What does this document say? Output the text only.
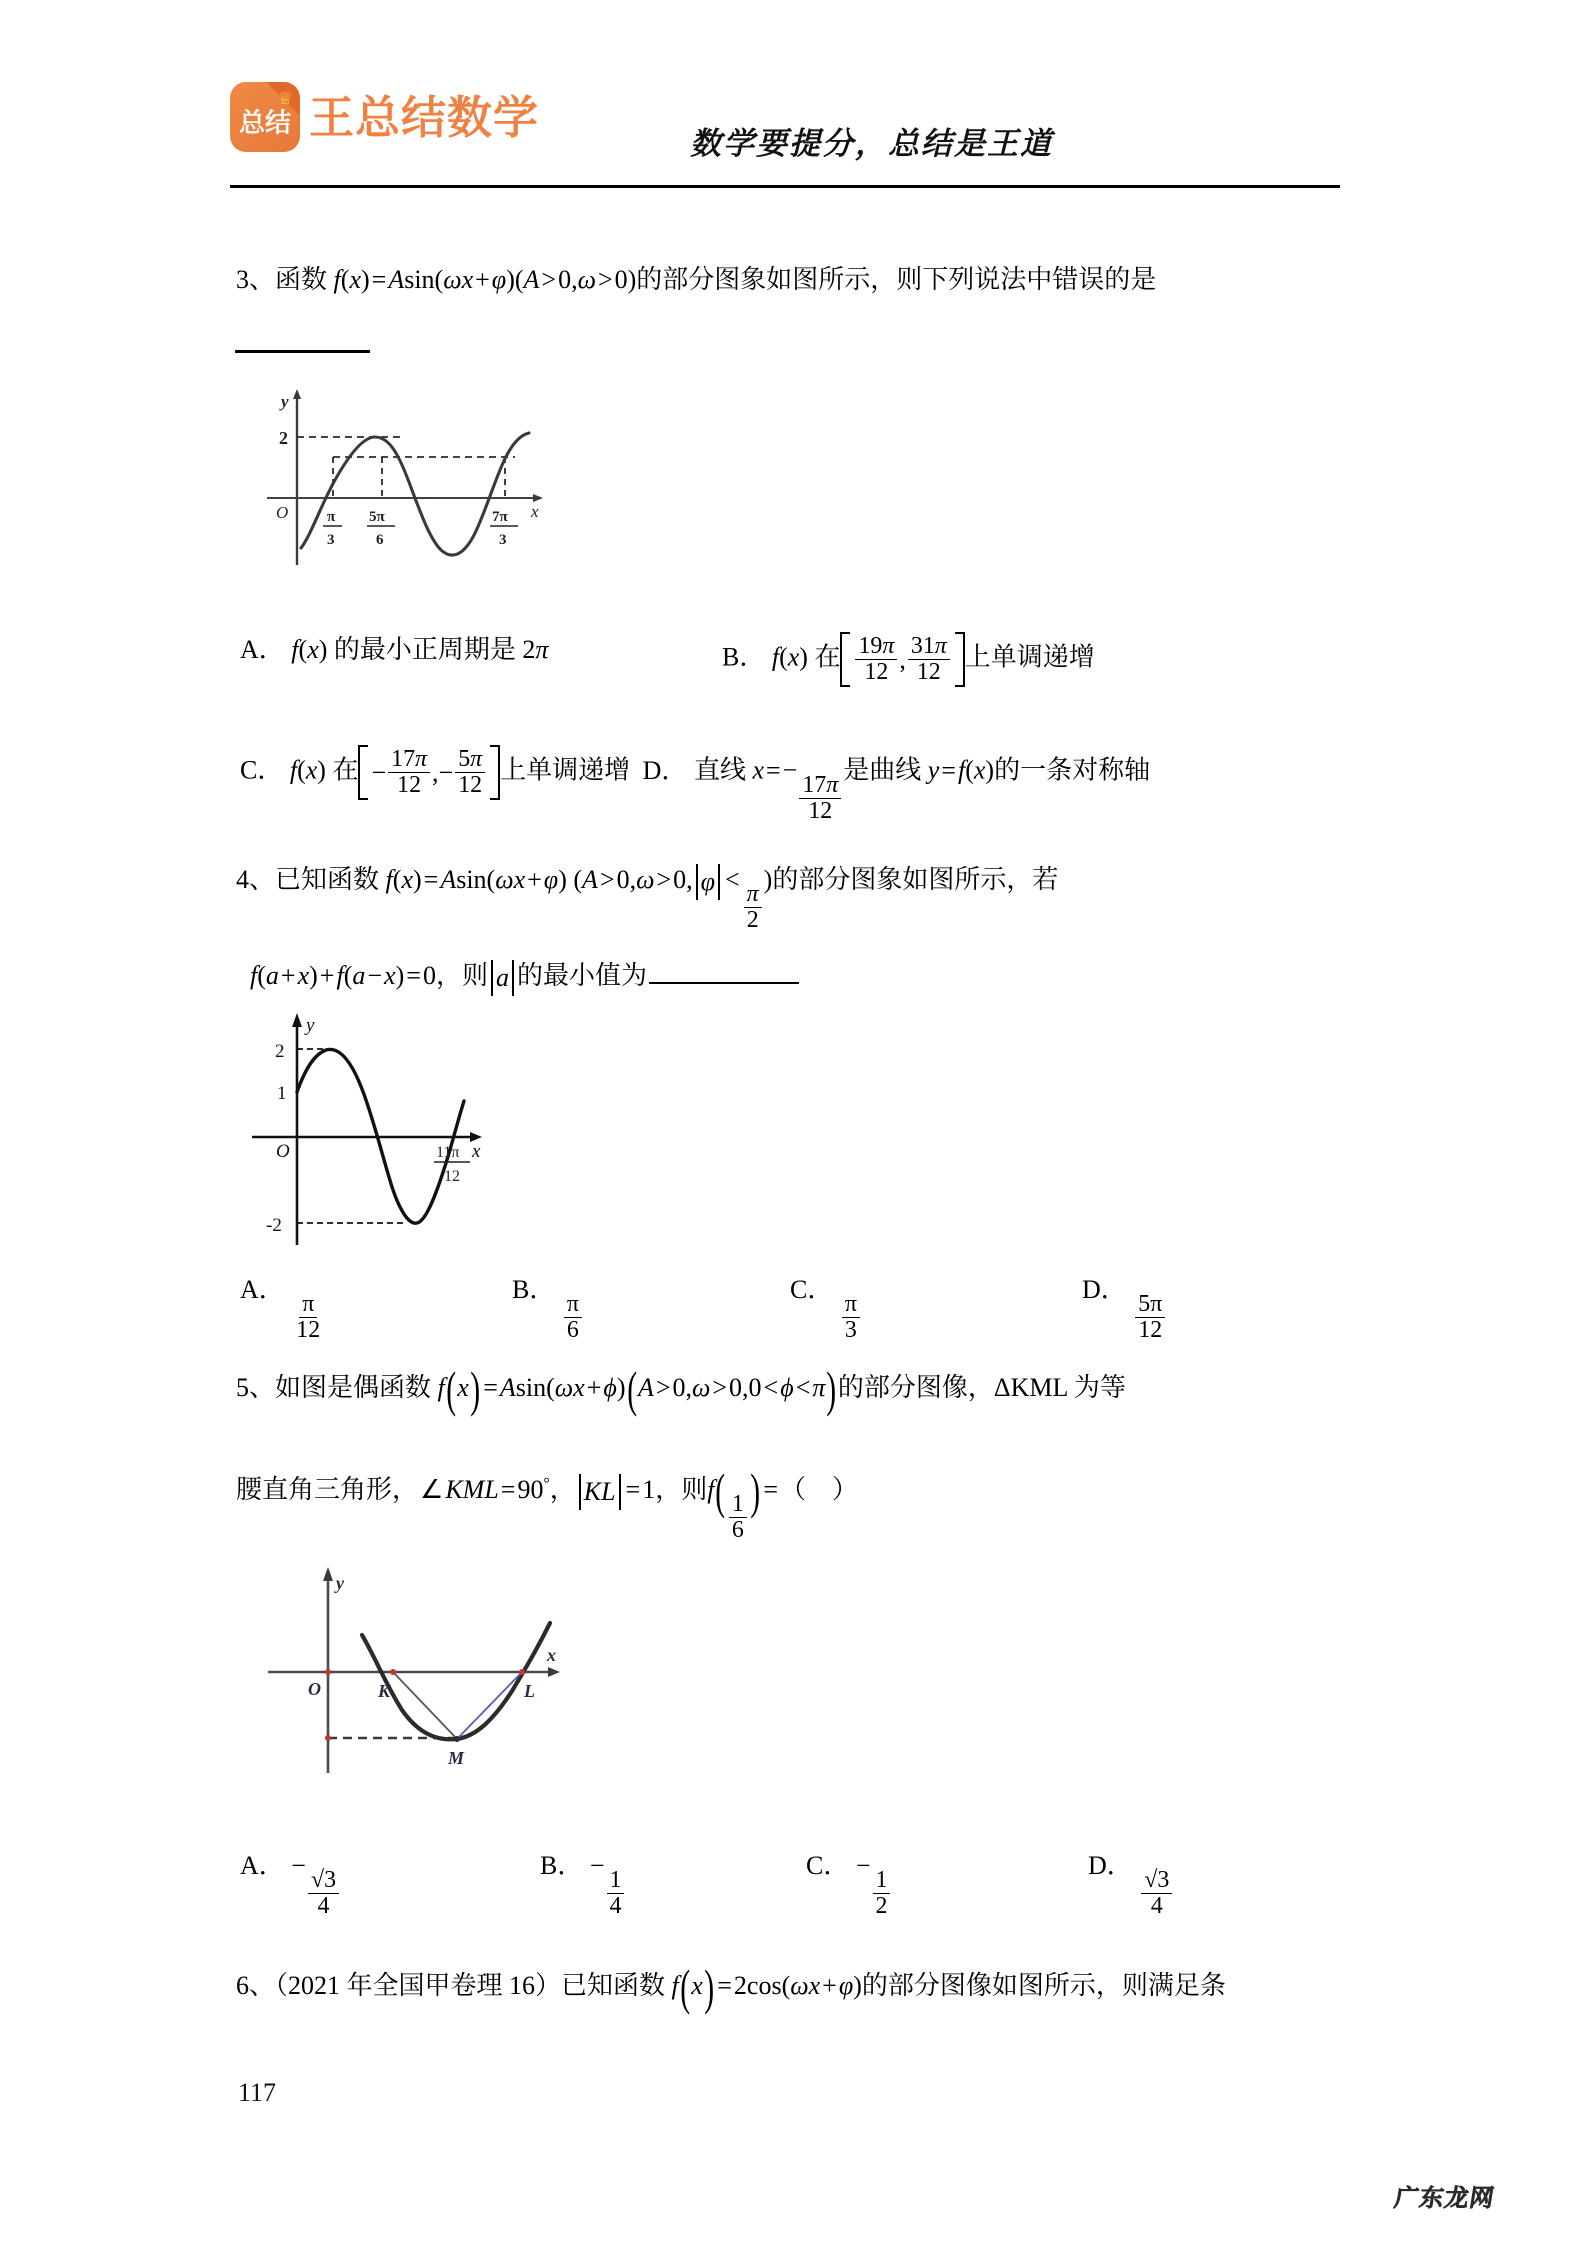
♕
总结 王总结数学
数学要提分，总结是王道
3、函数 f(x)=Asin(ωx+φ)(A>0,ω>0)的部分图象如图所示，则下列说法中错误的是
y
x
O
2
π
3
5π
6
7π
3
A． f(x) 的最小正周期是 2π	B． f(x) 在 $\frac{19\pi}{12}$ , $\frac{31\pi}{12}$ 上单调递增
C． f(x) 在 − $\frac{17\pi}{12}$ ,− $\frac{5\pi}{12}$ 上单调递增 D． 直线 x=−
$\frac{17\pi}{12}$
是曲线 y=f(x)的一条对称轴
4、已知函数 f(x)=Asin(ωx+φ) (A>0,ω>0, φ <
$\frac{\pi}{2}$
)的部分图象如图所示，若
f(a+x)+f(a−x)=0，则 a 的最小值为
y
x
O
2
1
-2
11π
12
A．
$\frac{\pi}{12}$
B．
$\frac{\pi}{6}$
C．
$\frac{\pi}{3}$
D．
$\frac{5\pi}{12}$
5、如图是偶函数 f(x) =Asin(ωx+ϕ)(A>0,ω>0,0<ϕ<π)的部分图像，ΔKML 为等
腰直角三角形，∠KML=90°， KL =1，则$f( \frac{1}{6}$ ) =（    ）
y
x
O	K	L
M
A． −
$\frac{√3}{4}$
B． −
$\frac{1}{4}$
C． −
$\frac{1}{2}$
D．
$\frac{√3}{4}$
6、（2021 年全国甲卷理 16）已知函数 f(x) =2cos(ωx+φ)的部分图像如图所示，则满足条
117
广东龙网
